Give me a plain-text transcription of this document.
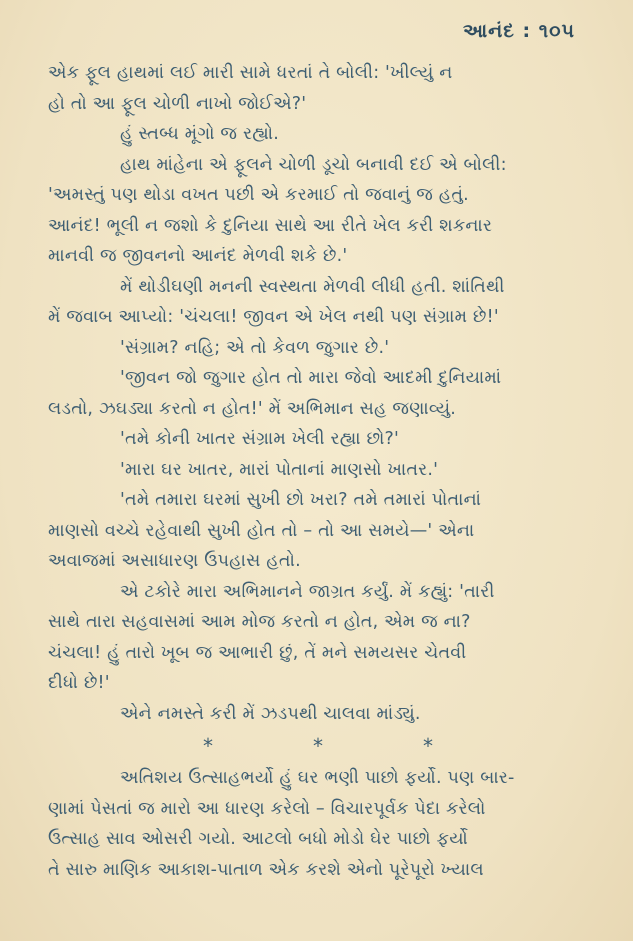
આનંદ : ૧૦૫
એક ફૂલ હાથમાં લઈ મારી સામે ધરતાં તે બોલી: 'ખીલ્યું ન
હો તો આ ફૂલ ચોળી નાખો જોઈએ?'
હું સ્તબ્ધ મૂંગો જ રહ્યો.
હાથ માંહેના એ ફૂલને ચોળી ડૂચો બનાવી દઈ એ બોલી:
'અમસ્તું પણ થોડા વખત પછી એ કરમાઈ તો જવાનું જ હતું.
આનંદ! ભૂલી ન જશો કે દુનિયા સાથે આ રીતે ખેલ કરી શકનાર
માનવી જ જીવનનો આનંદ મેળવી શકે છે.'
મેં થોડીઘણી મનની સ્વસ્થતા મેળવી લીધી હતી. શાંતિથી
મેં જવાબ આપ્યો: 'ચંચલા! જીવન એ ખેલ નથી પણ સંગ્રામ છે!'
'સંગ્રામ? નહિ; એ તો કેવળ જુગાર છે.'
'જીવન જો જુગાર હોત તો મારા જેવો આદમી દુનિયામાં
લડતો, ઝઘડ્યા કરતો ન હોત!' મેં અભિમાન સહ જણાવ્યું.
'તમે કોની ખાતર સંગ્રામ ખેલી રહ્યા છો?'
'મારા ઘર ખાતર, મારાં પોતાનાં માણસો ખાતર.'
'તમે તમારા ઘરમાં સુખી છો ખરા? તમે તમારાં પોતાનાં
માણસો વચ્ચે રહેવાથી સુખી હોત તો – તો આ સમયે—' એના
અવાજમાં અસાધારણ ઉપહાસ હતો.
એ ટકોરે મારા અભિમાનને જાગ્રત કર્યું. મેં કહ્યું: 'તારી
સાથે તારા સહવાસમાં આમ મોજ કરતો ન હોત, એમ જ ના?
ચંચલા! હું તારો ખૂબ જ આભારી છું, તેં મને સમયસર ચેતવી
દીધો છે!'
એને નમસ્તે કરી મેં ઝડપથી ચાલવા માંડ્યું.
*	*	*
અતિશય ઉત્સાહભર્યો હું ઘર ભણી પાછો ફર્યો. પણ બાર-
ણામાં પેસતાં જ મારો આ ધારણ કરેલો – વિચારપૂર્વક પેદા કરેલો
ઉત્સાહ સાવ ઓસરી ગયો. આટલો બધો મોડો ઘેર પાછો ફર્યો
તે સારુ માણિક આકાશ-પાતાળ એક કરશે એનો પૂરેપૂરો ખ્યાલ
